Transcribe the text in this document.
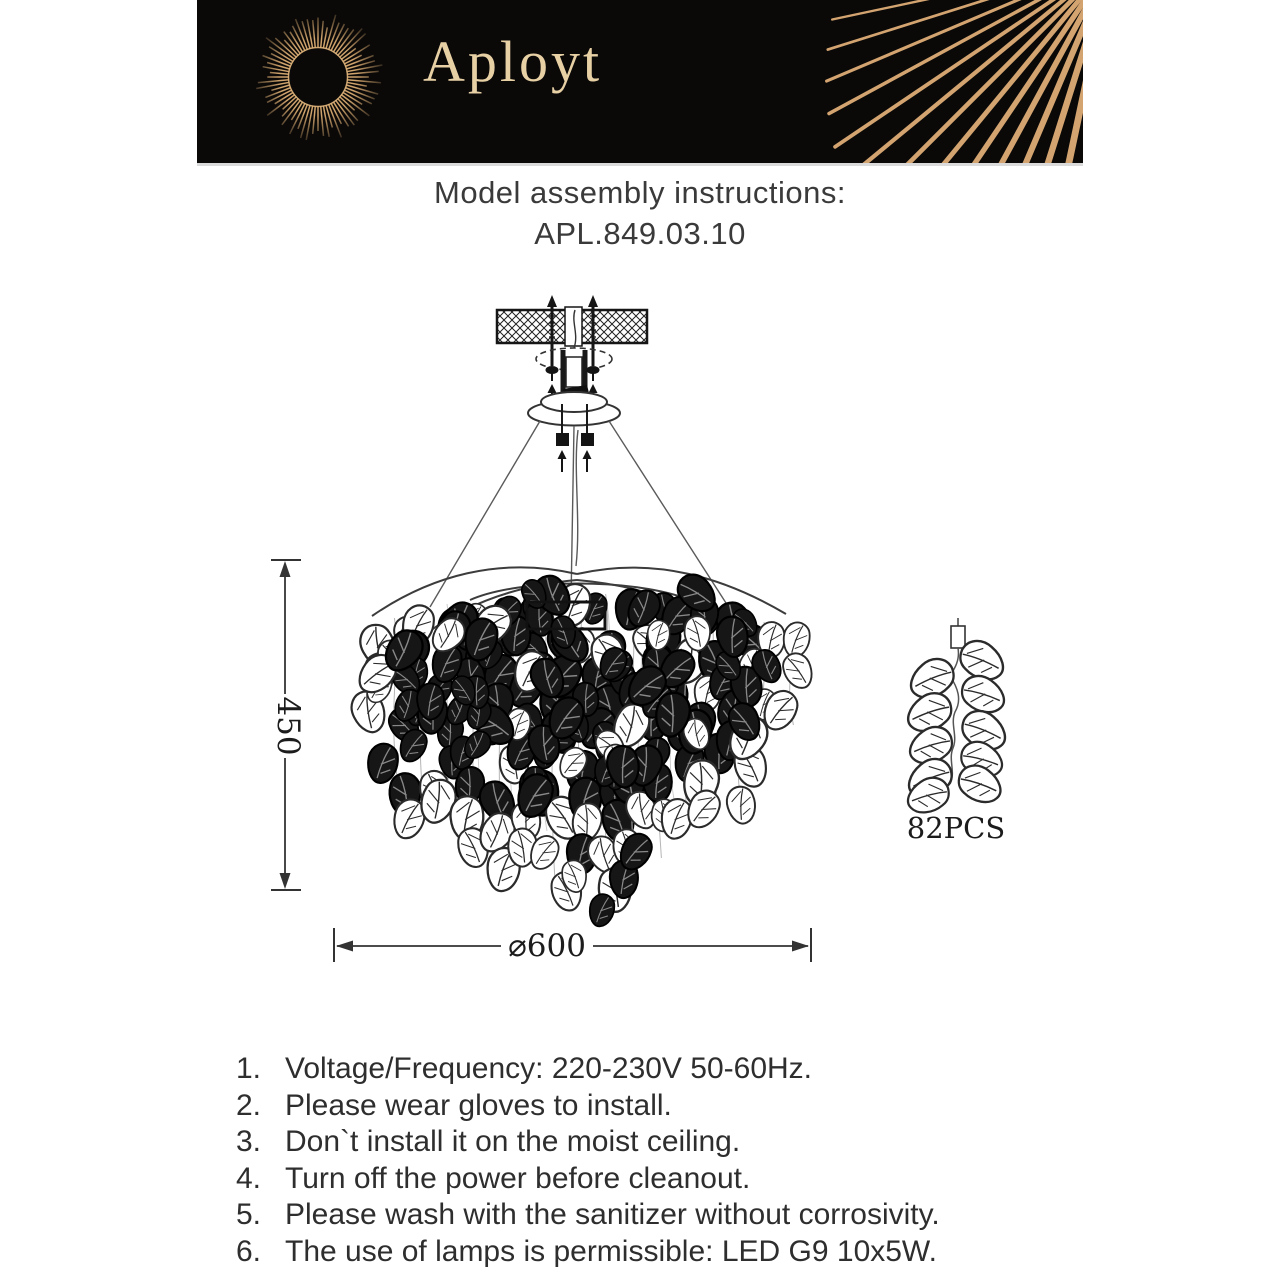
Aployt
Model assembly instructions:
APL.849.03.10
450
⌀600
82PCS
1. Voltage/Frequency: 220-230V 50-60Hz.
2. Please wear gloves to install.
3. Don`t install it on the moist ceiling.
4. Turn off the power before cleanout.
5. Please wash with the sanitizer without corrosivity.
6. The use of lamps is permissible: LED G9 10x5W.
